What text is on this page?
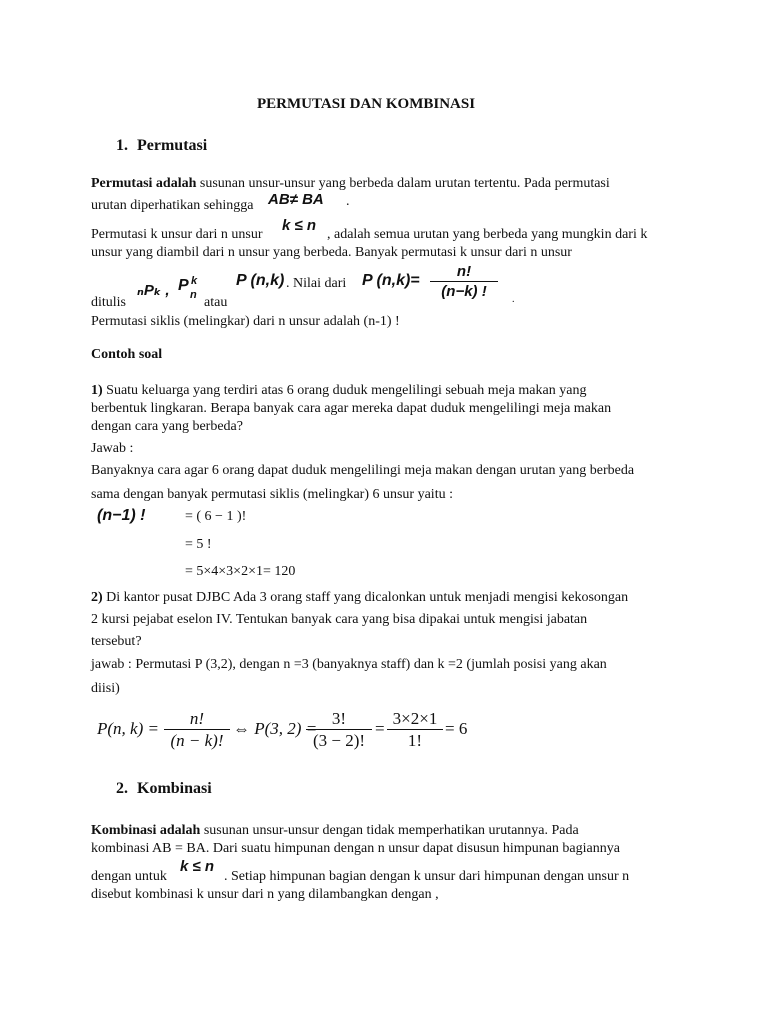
PERMUTASI DAN KOMBINASI
1. Permutasi
Permutasi adalah susunan unsur-unsur yang berbeda dalam urutan tertentu. Pada permutasi
urutan diperhatikan sehingga AB≠ BA .
Permutasi k unsur dari n unsur
k ≤ n
, adalah semua urutan yang berbeda yang mungkin dari k
unsur yang diambil dari n unsur yang berbeda. Banyak permutasi k unsur dari n unsur
ₙPₖ , P k
n
P (n,k) . Nilai dari P $(n,k)= \frac{n!}{(n-k) !}$
ditulis	atau	.
Permutasi siklis (melingkar) dari n unsur adalah (n-1) !
Contoh soal
1) Suatu keluarga yang terdiri atas 6 orang duduk mengelilingi sebuah meja makan yang
berbentuk lingkaran. Berapa banyak cara agar mereka dapat duduk mengelilingi meja makan
dengan cara yang berbeda?
Jawab :
Banyaknya cara agar 6 orang dapat duduk mengelilingi meja makan dengan urutan yang berbeda
sama dengan banyak permutasi siklis (melingkar) 6 unsur yaitu :
(n−1) !	= ( 6 − 1 )!
= 5 !
= 5×4×3×2×1= 120
2) Di kantor pusat DJBC Ada 3 orang staff yang dicalonkan untuk menjadi mengisi kekosongan
2 kursi pejabat eselon IV. Tentukan banyak cara yang bisa dipakai untuk mengisi jabatan
tersebut?
jawab : Permutasi P (3,2), dengan n =3 (banyaknya staff) dan k =2 (jumlah posisi yang akan
diisi)
P(n, $k) = \frac{n!}{(n - k)!}$ ⇔ P(3, 2) =
$\frac{3!}{(3 - 2)!} = \frac{3\times 2\times 1}{1!} = 6$
2. Kombinasi
Kombinasi adalah susunan unsur-unsur dengan tidak memperhatikan urutannya. Pada
kombinasi AB = BA. Dari suatu himpunan dengan n unsur dapat disusun himpunan bagiannya
dengan untuk
k ≤ n
. Setiap himpunan bagian dengan k unsur dari himpunan dengan unsur n
disebut kombinasi k unsur dari n yang dilambangkan dengan ,
